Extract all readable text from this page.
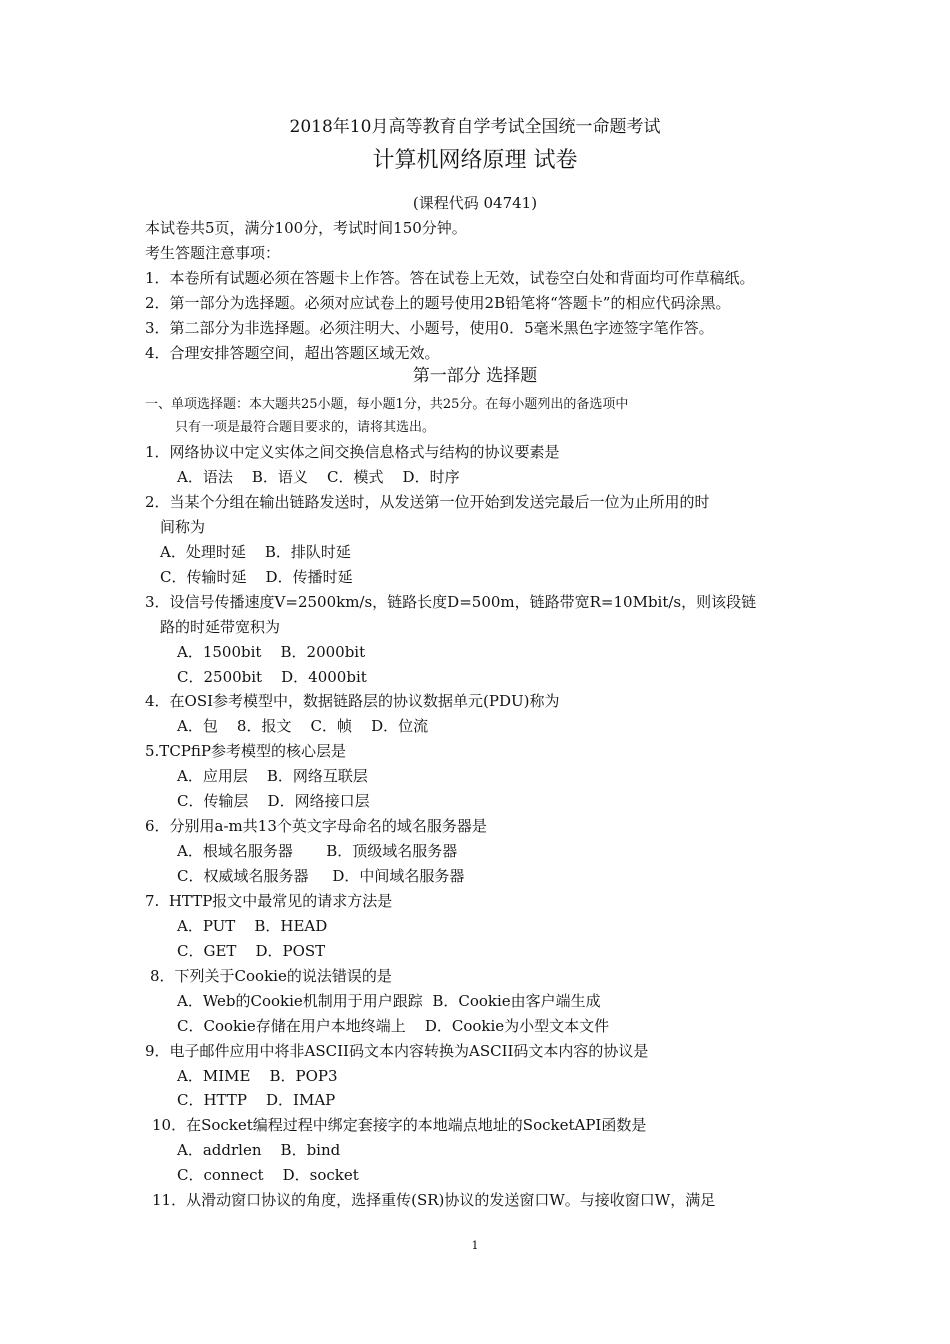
2018年10月高等教育自学考试全国统一命题考试
计算机网络原理 试卷
(课程代码 04741)
本试卷共5页，满分100分，考试时间150分钟。
考生答题注意事项：
1．本卷所有试题必须在答题卡上作答。答在试卷上无效，试卷空白处和背面均可作草稿纸。
2．第一部分为选择题。必须对应试卷上的题号使用2B铅笔将“答题卡”的相应代码涂黑。
3．第二部分为非选择题。必须注明大、小题号，使用0．5毫米黑色字迹签字笔作答。
4．合理安排答题空间，超出答题区域无效。
第一部分 选择题
一、单项选择题：本大题共25小题，每小题1分，共25分。在每小题列出的备选项中
只有一项是最符合题目要求的，请将其选出。
1．网络协议中定义实体之间交换信息格式与结构的协议要素是
A．语法    B．语义    C．模式    D．时序
2．当某个分组在输出链路发送时，从发送第一位开始到发送完最后一位为止所用的时
间称为
A．处理时延    B．排队时延
C．传输时延    D．传播时延
3．设信号传播速度V=2500km/s，链路长度D=500m，链路带宽R=10Mbit/s，则该段链
路的时延带宽积为
A．1500bit    B．2000bit
C．2500bit    D．4000bit
4．在OSI参考模型中，数据链路层的协议数据单元(PDU)称为
A．包    8．报文    C．帧    D．位流
5.TCPfiP参考模型的核心层是
A．应用层    B．网络互联层
C．传输层    D．网络接口层
6．分别用a-m共13个英文字母命名的域名服务器是
A．根域名服务器       B．顶级域名服务器
C．权威域名服务器     D．中间域名服务器
7.  HTTP报文中最常见的请求方法是
A．PUT    B．HEAD
C．GET    D．POST
8．下列关于Cookie的说法错误的是
A．Web的Cookie机制用于用户跟踪  B．Cookie由客户端生成
C．Cookie存储在用户本地终端上    D．Cookie为小型文本文件
9．电子邮件应用中将非ASCII码文本内容转换为ASCII码文本内容的协议是
A．MIME    B．POP3
C．HTTP    D．IMAP
10．在Socket编程过程中绑定套接字的本地端点地址的SocketAPI函数是
A．addrlen    B．bind
C．connect    D．socket
11．从滑动窗口协议的角度，选择重传(SR)协议的发送窗口W。与接收窗口W，满足
1
